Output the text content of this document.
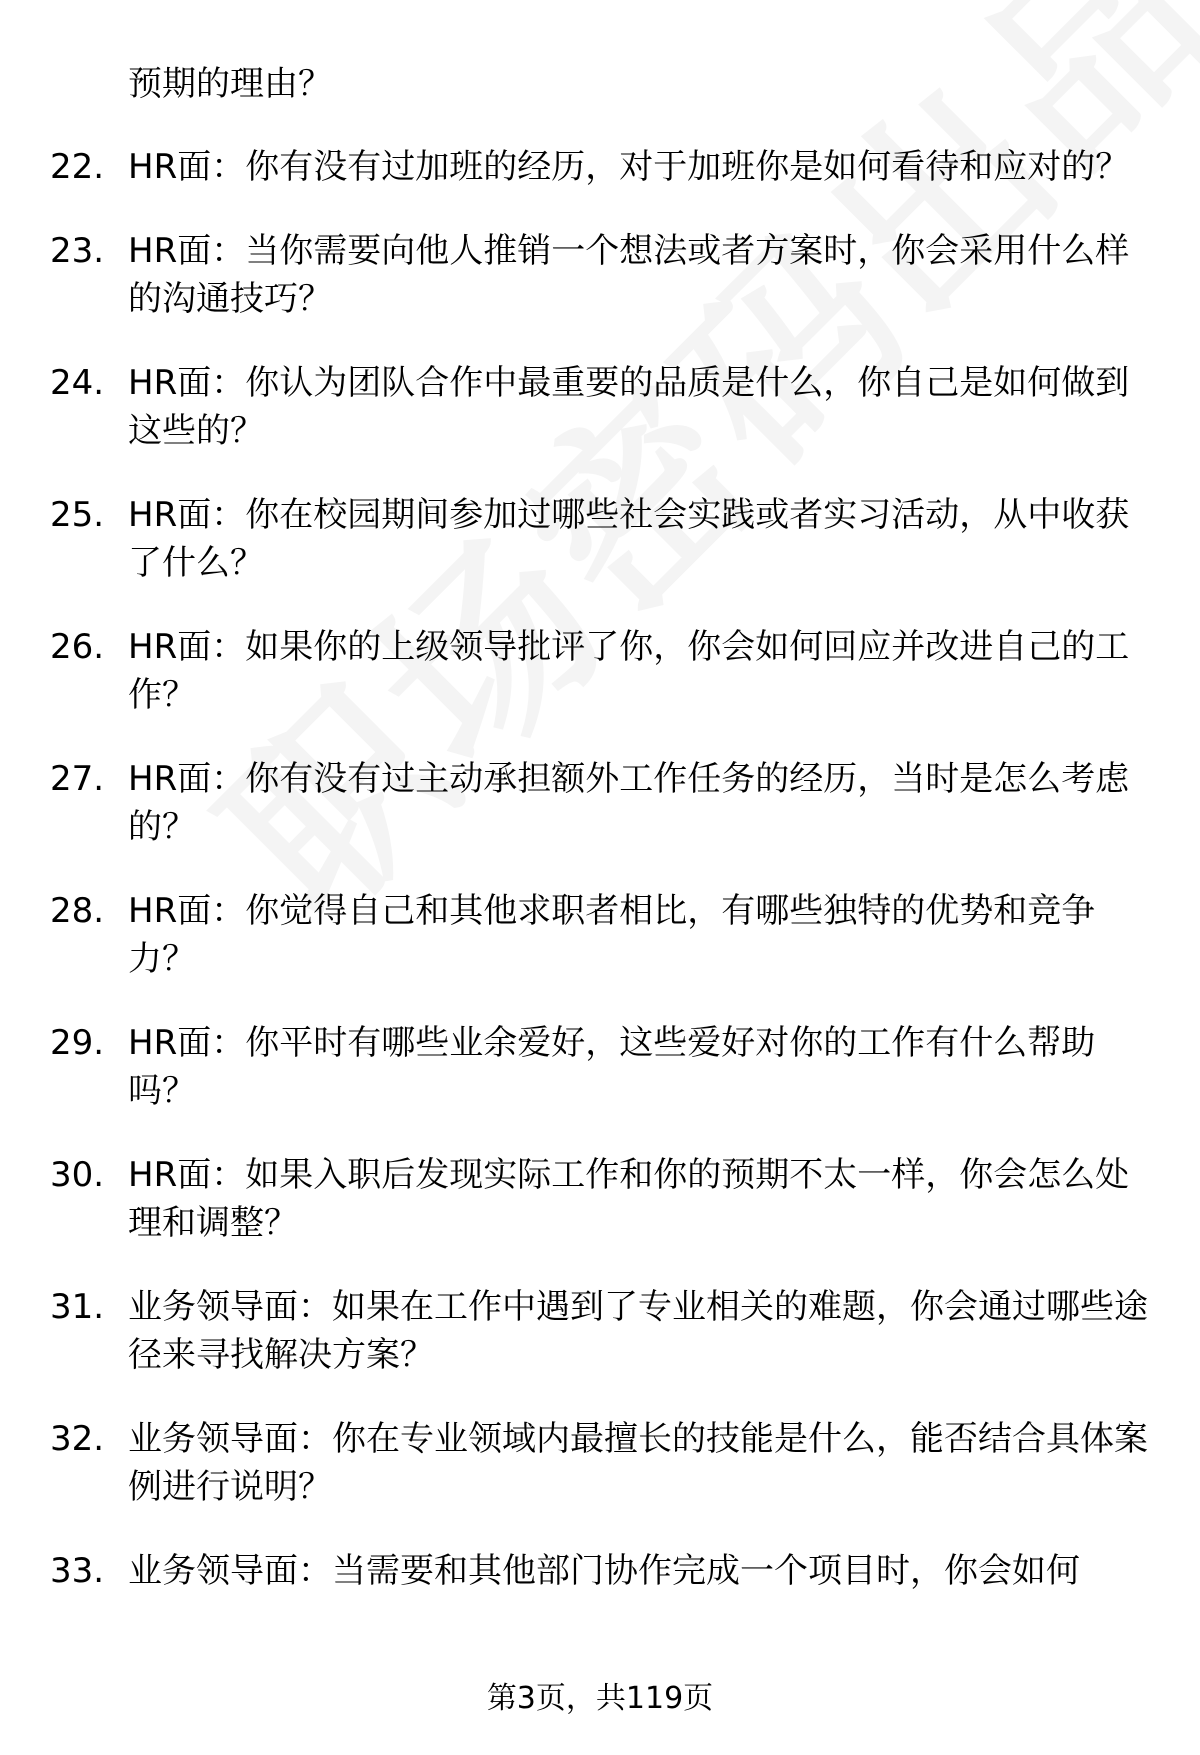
预期的理由？
22. HR面：你有没有过加班的经历，对于加班你是如何看待和应对的？
23. HR面：当你需要向他人推销一个想法或者方案时，你会采用什么样的沟通技巧？
24. HR面：你认为团队合作中最重要的品质是什么，你自己是如何做到这些的？
25. HR面：你在校园期间参加过哪些社会实践或者实习活动，从中收获了什么？
26. HR面：如果你的上级领导批评了你，你会如何回应并改进自己的工作？
27. HR面：你有没有过主动承担额外工作任务的经历，当时是怎么考虑的？
28. HR面：你觉得自己和其他求职者相比，有哪些独特的优势和竞争力？
29. HR面：你平时有哪些业余爱好，这些爱好对你的工作有什么帮助吗？
30. HR面：如果入职后发现实际工作和你的预期不太一样，你会怎么处理和调整？
31. 业务领导面：如果在工作中遇到了专业相关的难题，你会通过哪些途径来寻找解决方案？
32. 业务领导面：你在专业领域内最擅长的技能是什么，能否结合具体案例进行说明？
33. 业务领导面：当需要和其他部门协作完成一个项目时，你会如何
第3页，共119页
